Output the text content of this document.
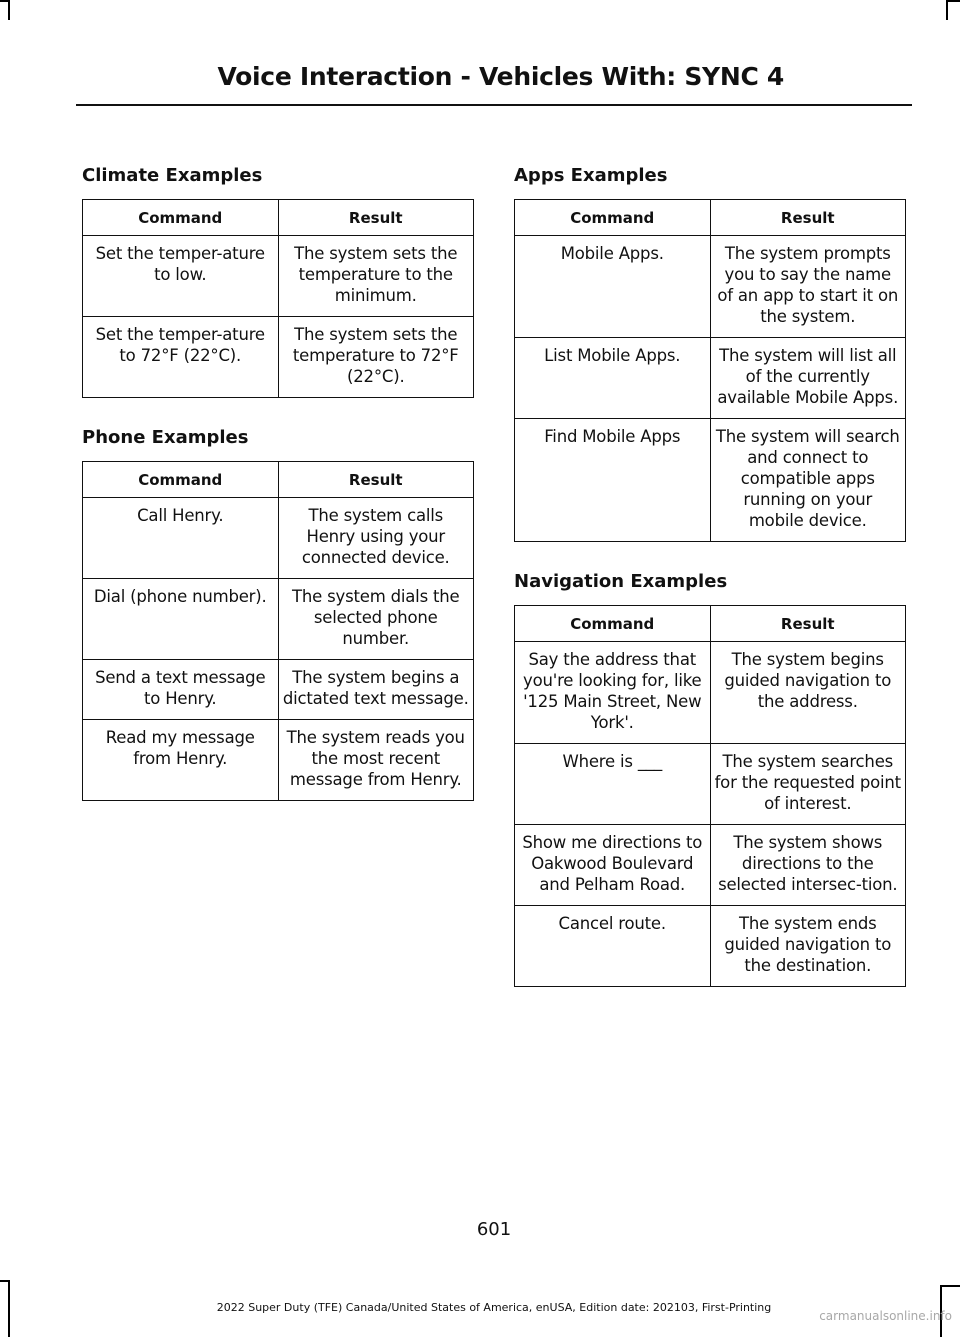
Voice Interaction - Vehicles With: SYNC 4
Climate Examples
Command	Result
Set the temper-ature to low.	The system sets the temperature to the minimum.
Set the temper-ature to 72°F (22°C).	The system sets the temperature to 72°F (22°C).
Phone Examples
Command	Result
Call Henry.	The system calls Henry using your connected device.
Dial (phone number).	The system dials the selected phone number.
Send a text message to Henry.	The system begins a dictated text message.
Read my message from Henry.	The system reads you the most recent message from Henry.
Apps Examples
Command	Result
Mobile Apps.	The system prompts you to say the name of an app to start it on the system.
List Mobile Apps.	The system will list all of the currently available Mobile Apps.
Find Mobile Apps	The system will search and connect to compatible apps running on your mobile device.
Navigation Examples
Command	Result
Say the address that you're looking for, like '125 Main Street, New York'.	The system begins guided navigation to the address.
Where is ___	The system searches for the requested point of interest.
Show me directions to Oakwood Boulevard and Pelham Road.	The system shows directions to the selected intersec-tion.
Cancel route.	The system ends guided navigation to the destination.
601
2022 Super Duty (TFE) Canada/United States of America, enUSA, Edition date: 202103, First-Printing
carmanualsonline.info
